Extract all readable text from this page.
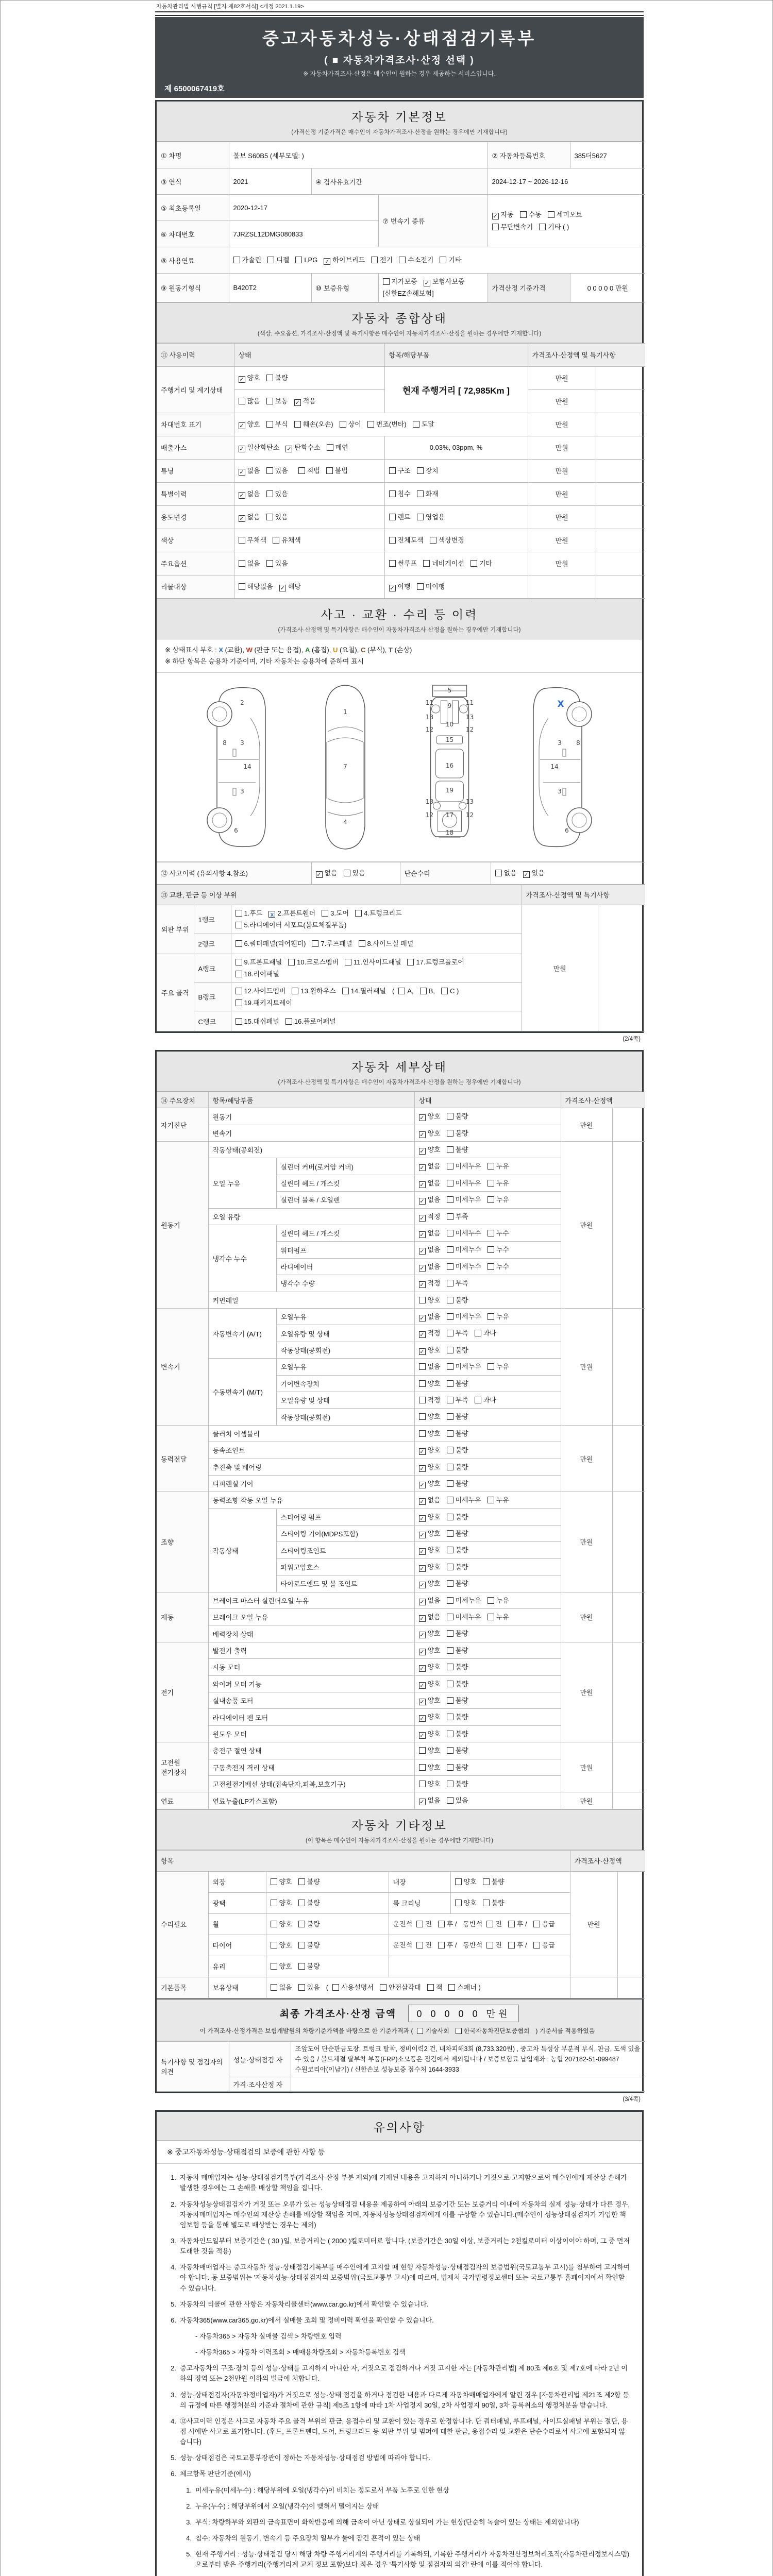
자동차관리법 시행규칙 [별지 제82호서식] <개정 2021.1.19>
중고자동차성능·상태점검기록부
( ■ 자동차가격조사·산정 선택 )
※ 자동차가격조사·산정은 매수인이 원하는 경우 제공하는 서비스입니다.
제 6500067419호
자동차 기본정보
(가격산정 기준가격은 매수인이 자동차가격조사·산정을 원하는 경우에만 기재합니다)
① 차명	볼보 S60B5 (세부모델: )			② 자동차등록번호	385더5627
③ 연식	2021	④ 검사유효기간		2024-12-17 ~ 2026-12-16	
⑤ 최초등록일	2020-12-17		⑦ 변속기 종류	✓ 자동 수동 세미오토
무단변속기 기타 ( )	
⑥ 차대번호	7JRZSL12DMG080833				
⑧ 사용연료	가솔린 디젤 LPG ✓ 하이브리드 전기 수소전기 기타				
⑨ 원동기형식	B420T2	⑩ 보증유형	자가보증 ✓ 보험사보증[신한EZ손해보험]	가격산정 기준가격	0 0 0 0 0 만원
자동차 종합상태
(색상, 주요옵션, 가격조사·산정액 및 특기사항은 매수인이 자동차가격조사·산정을 원하는 경우에만 기재합니다)
⑪ 사용이력	상태	항목/해당부품	가격조사·산정액 및 특기사항	
주행거리 및 계기상태	✓ 양호 불량	현재 주행거리 [ 72,985Km ]	만원	
	많음 보통 ✓ 적음		만원	
차대번호 표기	✓ 양호 부식 훼손(오손) 상이 변조(변타) 도말		만원	
배출가스	✓ 일산화탄소 ✓ 탄화수소 매연	0.03%, 03ppm, %	만원	
튜닝	✓ 없음 있음 적법 불법	구조 장치	만원	
특별이력	✓ 없음 있음	침수 화재	만원	
용도변경	✓ 없음 있음	렌트 영업용	만원	
색상	무채색 유채색	전체도색 색상변경	만원	
주요옵션	없음 있음	썬루프 네비게이션 기타	만원	
리콜대상	해당없음 ✓ 해당	✓ 이행 미이행		
사고 · 교환 · 수리 등 이력
(가격조사·산정액 및 특기사항은 매수인이 자동차가격조사·산정을 원하는 경우에만 기재합니다)
※ 상태표시 부호 : X (교환), W (판금 또는 용접), A (흠집), U (요철), C (부식), T (손상)
※ 하단 항목은 승용차 기준이며, 기타 자동차는 승용차에 준하여 표시
2
8 3
14
3
6
1
7
4
5
11	11
9
13	13
12	12
10
15
16
19
13	13
17
12	12
18
X
8
3
14
3
6
⑫ 사고이력 (유의사항 4.참조)	✓ 없음 있음	단순수리	없음 ✓ 있음
⑬ 교환, 판금 등 이상 부위			가격조사·산정액 및 특기사항	
외판 부위	1랭크	1.후드 x 2.프론트휀더 3.도어 4.트렁크리드
5.라디에이터 서포트(볼트체결부품)	만원	
	2랭크	6.쿼터패널(리어휀더) 7.루프패널 8.사이드실 패널		
주요 골격	A랭크	9.프론트패널 10.크로스멤버 11.인사이드패널 17.트렁크플로어
18.리어패널		
	B랭크	12.사이드멤버 13.휠하우스 14.필러패널 ( A, B, C )
19.패키지트레이		
	C랭크	15.대쉬패널 16.플로어패널		
(2/4쪽)
자동차 세부상태
(가격조사·산정액 및 특기사항은 매수인이 자동차가격조사·산정을 원하는 경우에만 기재합니다)
⑭ 주요장치	항목/해당부품		상태	가격조사·산정액	
자기진단	원동기		✓ 양호 불량	만원	
	변속기		✓ 양호 불량		
원동기	작동상태(공회전)		✓ 양호 불량	만원	
	오일 누유	실린더 커버(로커암 커버)	✓ 없음 미세누유 누유		
		실린더 헤드 / 개스킷	✓ 없음 미세누유 누유		
		실린더 블록 / 오일팬	✓ 없음 미세누유 누유		
	오일 유량		✓ 적정 부족		
	냉각수 누수	실린더 헤드 / 개스킷	✓ 없음 미세누수 누수		
		워터펌프	✓ 없음 미세누수 누수		
		라디에이터	✓ 없음 미세누수 누수		
		냉각수 수량	✓ 적정 부족		
	커먼레일		양호 불량		
변속기	자동변속기 (A/T)	오일누유	✓ 없음 미세누유 누유	만원	
		오일유량 및 상태	✓ 적정 부족 과다		
		작동상태(공회전)	✓ 양호 불량		
	수동변속기 (M/T)	오일누유	없음 미세누유 누유		
		기어변속장치	양호 불량		
		오일유량 및 상태	적정 부족 과다		
		작동상태(공회전)	양호 불량		
동력전달	클러치 어셈블리		양호 불량	만원	
	등속조인트		✓ 양호 불량		
	추진축 및 베어링		✓ 양호 불량		
	디퍼렌셜 기어		✓ 양호 불량		
조향	동력조향 작동 오일 누유		✓ 없음 미세누유 누유	만원	
	작동상태	스티어링 펌프	✓ 양호 불량		
		스티어링 기어(MDPS포함)	✓ 양호 불량		
		스티어링조인트	✓ 양호 불량		
		파워고압호스	✓ 양호 불량		
		타이로드엔드 및 볼 조인트	✓ 양호 불량		
제동	브레이크 마스터 실린더오일 누유		✓ 없음 미세누유 누유	만원	
	브레이크 오일 누유		✓ 없음 미세누유 누유		
	배력장치 상태		✓ 양호 불량		
전기	발전기 출력		✓ 양호 불량	만원	
	시동 모터		✓ 양호 불량		
	와이퍼 모터 기능		✓ 양호 불량		
	실내송풍 모터		✓ 양호 불량		
	라디에이터 팬 모터		✓ 양호 불량		
	윈도우 모터		✓ 양호 불량		
고전원 전기장치	충전구 절연 상태		양호 불량	만원	
	구동축전지 격리 상태		양호 불량		
	고전원전기배선 상태(접속단자,피복,보호기구)		양호 불량		
연료	연료누출(LP가스포함)		✓ 없음 있음	만원	
자동차 기타정보
(이 항목은 매수인이 자동차가격조사·산정을 원하는 경우에만 기재합니다)
항목					가격조사·산정액	
수리필요	외장	양호 불량	내장	양호 불량	만원	
	광택	양호 불량	룸 크리닝	양호 불량		
	휠	양호 불량	운전석 전 후 / 동반석 전 후 / 응급			
	타이어	양호 불량	운전석 전 후 / 동반석 전 후 / 응급			
	유리	양호 불량				
기본품목	보유상태	없음 있음 ( 사용설명서 안전삼각대 잭 스패너 )				
최종 가격조사·산정 금액 0 0 0 0 0 만원
이 가격조사·산정가격은 보험개발원의 차량기준가액을 바탕으로 한 기준가격과 ( 기술사회 한국자동차진단보증협회 ) 기준서를 적용하였음
특기사항 및 점검자의 의견	성능·상태점검 자	조앞도어 단순판금도장, 트렁크 탈착, 정비이력2 건, 내차피해3회 (8,733,320원) , 중고차 특성상 부분적 부식, 판금, 도색 있을 수 있음 / 볼트체결 탈부착 부품(FRP)소모품은 점검에서 제외됩니다 / 보증보험료 납입계좌 : 농협 207182-51-099487 수원코리아(이남기) / 신한손보 성능보증 접수처 1644-3933
	가격·조사산정 자	
(3/4쪽)
유의사항
※ 중고자동차성능·상태점검의 보증에 관한 사항 등
1. 자동차 매매업자는 성능·상태점검기록부(가격조사·산정 부분 제외)에 기재된 내용을 고지하지 아니하거나 거짓으로 고지함으로써 매수인에게 재산상 손해가 발생한 경우에는 그 손해를 배상할 책임을 집니다.
2. 자동차성능상태점검자가 거짓 또는 오류가 있는 성능상태점검 내용을 제공하여 아래의 보증기간 또는 보증거리 이내에 자동차의 실제 성능·상태가 다른 경우, 자동차매매업자는 매수인의 재산상 손해를 배상할 책임을 지며, 자동차성능상태점검자에게 이를 구상할 수 있습니다.(매수인이 성능상태점검자가 가입한 책임보험 등을 통해 별도로 배상받는 경우는 제외)
3. 자동차인도일부터 보증기간은 ( 30 )일, 보증거리는 ( 2000 )킬로미터로 합니다. (보증기간은 30일 이상, 보증거리는 2천킬로미터 이상이어야 하며, 그 중 먼저 도래한 것을 적용)
4. 자동차매매업자는 중고자동차 성능·상태점검기록부를 매수인에게 고지할 때 현행 자동차성능·상태점검자의 보증범위(국토교통부 고시)를 첨부하여 고지하여야 합니다. 동 보증범위는 '자동차성능·상태점검자의 보증범위'(국토교통부 고시)에 따르며, 법제처 국가법령정보센터 또는 국토교통부 홈페이지에서 확인할 수 있습니다.
5. 자동차의 리콜에 관한 사항은 자동차리콜센터(www.car.go.kr)에서 확인할 수 있습니다.
6. 자동차365(www.car365.go.kr)에서 실매물 조회 및 정비이력 확인을 확인할 수 있습니다.
- 자동차365 > 자동차 실매물 검색 > 차량번호 입력
- 자동차365 > 자동차 이력조회 > 매매용차량조회 > 자동차등록번호 검색
2. 중고자동차의 구조·장치 등의 성능·상태를 고지하지 아니한 자, 거짓으로 점검하거나 거짓 고지한 자는 [자동차관리법] 제 80조 제6호 및 제7호에 따라 2년 이하의 징역 또는 2천만원 이하의 벌금에 처합니다.
3. 성능·상태점검자(자동차정비업자)가 거짓으로 성능·상태 점검을 하거나 점검한 내용과 다르게 자동차매매업자에게 알린 경우 [자동차관리법 제21조 제2항 등의 규정에 따른 행정처분의 기준과 절차에 관한 규칙] 제5조 1항에 따라 1차 사업정지 30일, 2차 사업정지 90일, 3차 등록취소의 행정처분을 받습니다.
4. ⑫사고이력 인정은 사고로 자동차 주요 골격 부위의 판금, 용접수리 및 교환이 있는 경우로 한정합니다. 단 쿼터패널, 루프패널, 사이드실패널 부위는 절단, 용접 시에만 사고로 표기합니다. (후드, 프론트펜더, 도어, 트렁크리드 등 외판 부위 및 범퍼에 대한 판금, 용접수리 및 교환은 단순수리로서 사고에 포함되지 않습니다)
5. 성능·상태점검은 국토교통부장관이 정하는 자동차성능·상태점검 방법에 따라야 합니다.
6. 체크항목 판단기준(예시)
1. 미세누유(미세누수) : 해당부위에 오일(냉각수)이 비치는 정도로서 부품 노후로 인한 현상
2. 누유(누수) : 해당부위에서 오일(냉각수)이 맺혀서 떨어지는 상태
3. 부식: 차량하부와 외판의 금속표면이 화학반응에 의해 금속이 아닌 상태로 상실되어 가는 현상(단순히 녹슬어 있는 상태는 제외합니다)
4. 침수: 자동차의 원동기, 변속기 등 주요장치 일부가 물에 잠긴 흔적이 있는 상태
5. 현재 주행거리 : 성능·상태점검 당시 해당 차량 주행거리계의 주행거리를 기록하되, 기록한 주행거리가 자동차전산정보처리조직(자동차관리정보시스템)으로부터 받은 주행거리(주행거리계 교체 정보 포함)보다 적은 경우 '특기사항 및 점검자의 의견' 란에 이를 적어야 합니다.
